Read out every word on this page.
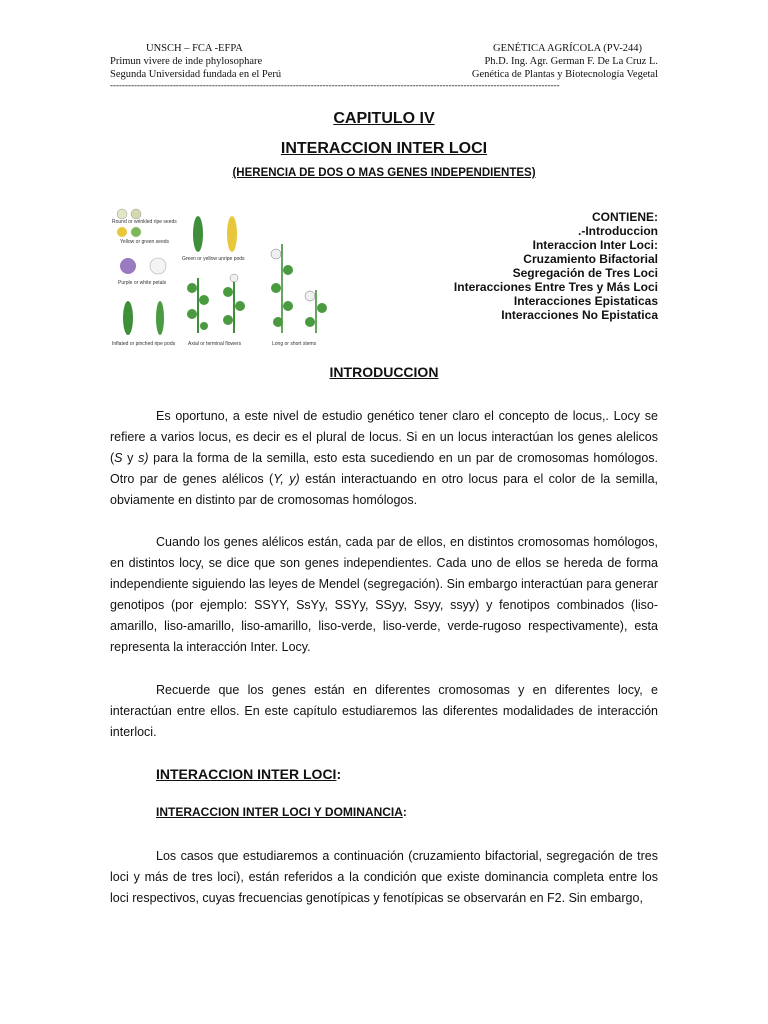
UNSCH – FCA -EFPA	GENÉTICA AGRÍCOLA (PV-244)
Primun vivere de inde phylosophare	Ph.D. Ing. Agr. German F. De La Cruz L.
Segunda Universidad fundada en el Perú	Genética de Plantas y Biotecnología Vegetal
------------------------------------------------------------------------------------------------------------------------------------------------------
CAPITULO IV
INTERACCION INTER LOCI
(HERENCIA DE DOS O MAS GENES INDEPENDIENTES)
Round or wrinkled ripe seeds
Yellow or green seeds
Purple or white petals
Inflated or pinched ripe pods
Green or yellow unripe pods
Axial or terminal flowers	Long or short stems
CONTIENE:
.-Introduccion
Interaccion Inter Loci:
Cruzamiento Bifactorial
Segregación de Tres Loci
Interacciones Entre Tres y Más Loci
Interacciones Epistaticas
Interacciones No Epistatica
INTRODUCCION
Es oportuno, a este nivel de estudio genético tener claro el concepto de locus,. Locy se refiere a varios locus, es decir es el plural de locus. Si en un locus interactúan los genes alelicos (S y s) para la forma de la semilla, esto esta sucediendo en un par de cromosomas homólogos. Otro par de genes alélicos (Y, y) están interactuando en otro locus para el color de la semilla, obviamente en distinto par de cromosomas homólogos.
Cuando los genes alélicos están, cada par de ellos, en distintos cromosomas homólogos, en distintos locy, se dice que son genes independientes. Cada uno de ellos se hereda de forma independiente siguiendo las leyes de Mendel (segregación). Sin embargo interactúan para generar genotipos (por ejemplo: SSYY, SsYy, SSYy, SSyy, Ssyy, ssyy) y fenotipos combinados (liso-amarillo, liso-amarillo, liso-amarillo, liso-verde, liso-verde, verde-rugoso respectivamente), esta representa la interacción Inter. Locy.
Recuerde que los genes están en diferentes cromosomas y en diferentes locy, e interactúan entre ellos. En este capítulo estudiaremos las diferentes modalidades de interacción interloci.
INTERACCION INTER LOCI:
INTERACCION INTER LOCI Y DOMINANCIA:
Los casos que estudiaremos a continuación (cruzamiento bifactorial, segregación de tres loci y más de tres loci), están referidos a la condición que existe dominancia completa entre los loci respectivos, cuyas frecuencias genotípicas y fenotípicas se observarán en F2. Sin embargo,
